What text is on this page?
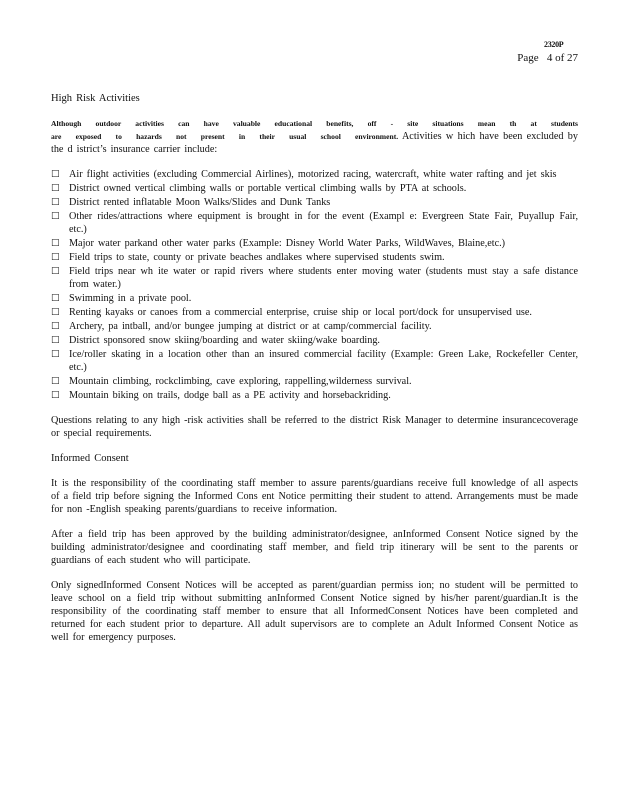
2320P
Page   4 of 27

High Risk Activities

Although outdoor activities can have valuable educational benefits, off - site situations mean th at students are exposed to hazards not present in their usual school environment. Activities w hich have been excluded by the d istrict’s insurance carrier include:

□ Air flight activities (excluding Commercial Airlines), motorized racing, watercraft, white water rafting and jet skis
□ District owned vertical climbing walls or portable vertical climbing walls by PTA at schools.
□ District rented inflatable Moon Walks/Slides and Dunk Tanks
□ Other rides/attractions where equipment is brought in for the event (Exampl e: Evergreen State Fair, Puyallup Fair, etc.)
□ Major water parkand other water parks (Example: Disney World Water Parks, WildWaves, Blaine,etc.)
□ Field trips to state, county or private beaches andlakes where supervised students swim.
□ Field trips near wh ite water or rapid rivers where students enter moving water (students must stay a safe distance from water.)
□ Swimming in a private pool.
□ Renting kayaks or canoes from a commercial enterprise, cruise ship or local port/dock for unsupervised use.
□ Archery, pa intball, and/or bungee jumping at district or at camp/commercial facility.
□ District sponsored snow skiing/boarding and water skiing/wake boarding.
□ Ice/roller skating in a location other than an insured commercial facility (Example: Green Lake, Rockefeller Center, etc.)
□ Mountain climbing, rockclimbing, cave exploring, rappelling,wilderness survival.
□ Mountain biking on trails, dodge ball as a PE activity and horsebackriding.

Questions relating to any high -risk activities shall be referred to the district Risk Manager to determine insurancecoverage or special requirements.

Informed Consent

It is the responsibility of the coordinating staff member to assure parents/guardians receive full knowledge of all aspects of a field trip before signing the Informed Cons ent Notice permitting their student to attend. Arrangements must be made for non -English speaking parents/guardians to receive information.

After a field trip has been approved by the building administrator/designee, anInformed Consent Notice signed by the building administrator/designee and coordinating staff member, and field trip itinerary will be sent to the parents or guardians of each student who will participate.

Only signedInformed Consent Notices will be accepted as parent/guardian permiss ion; no student will be permitted to leave school on a field trip without submitting anInformed Consent Notice signed by his/her parent/guardian.It is the responsibility of the coordinating staff member to ensure that all InformedConsent Notices have been completed and returned for each student prior to departure. All adult supervisors are to complete an Adult Informed Consent Notice as well for emergency purposes.
